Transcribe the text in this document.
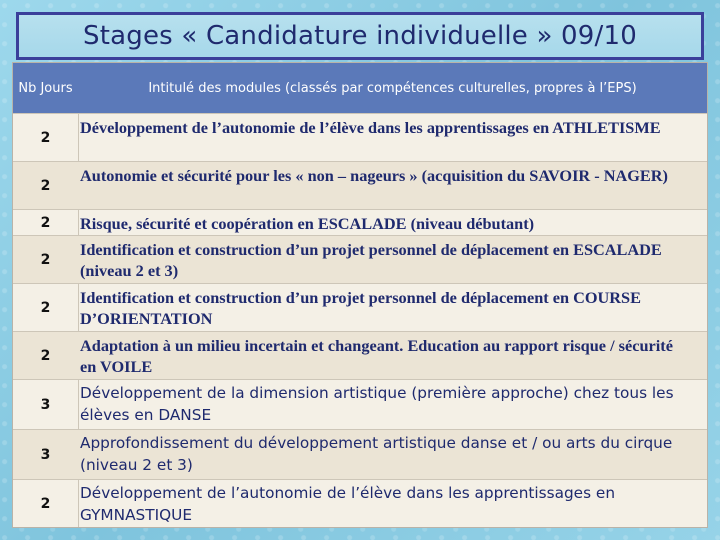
Stages « Candidature individuelle » 09/10
Nb Jours	Intitulé des modules (classés par compétences culturelles, propres à l’EPS)
2
Développement de l’autonomie de l’élève dans les apprentissages en ATHLETISME
2
Autonomie et sécurité pour les « non – nageurs » (acquisition du SAVOIR - NAGER)
2	Risque, sécurité et coopération en ESCALADE (niveau débutant)
2
Identification et construction d’un projet personnel de déplacement en ESCALADE (niveau 2 et 3)
2
Identification et construction d’un projet personnel de déplacement en COURSE D’ORIENTATION
2
Adaptation à un milieu incertain et changeant. Education au rapport risque / sécurité en VOILE
3
Développement de la dimension artistique (première approche) chez tous les élèves en DANSE
3
Approfondissement du développement artistique danse et / ou arts du cirque (niveau 2 et 3)
2
Développement de l’autonomie de l’élève dans les apprentissages en GYMNASTIQUE
